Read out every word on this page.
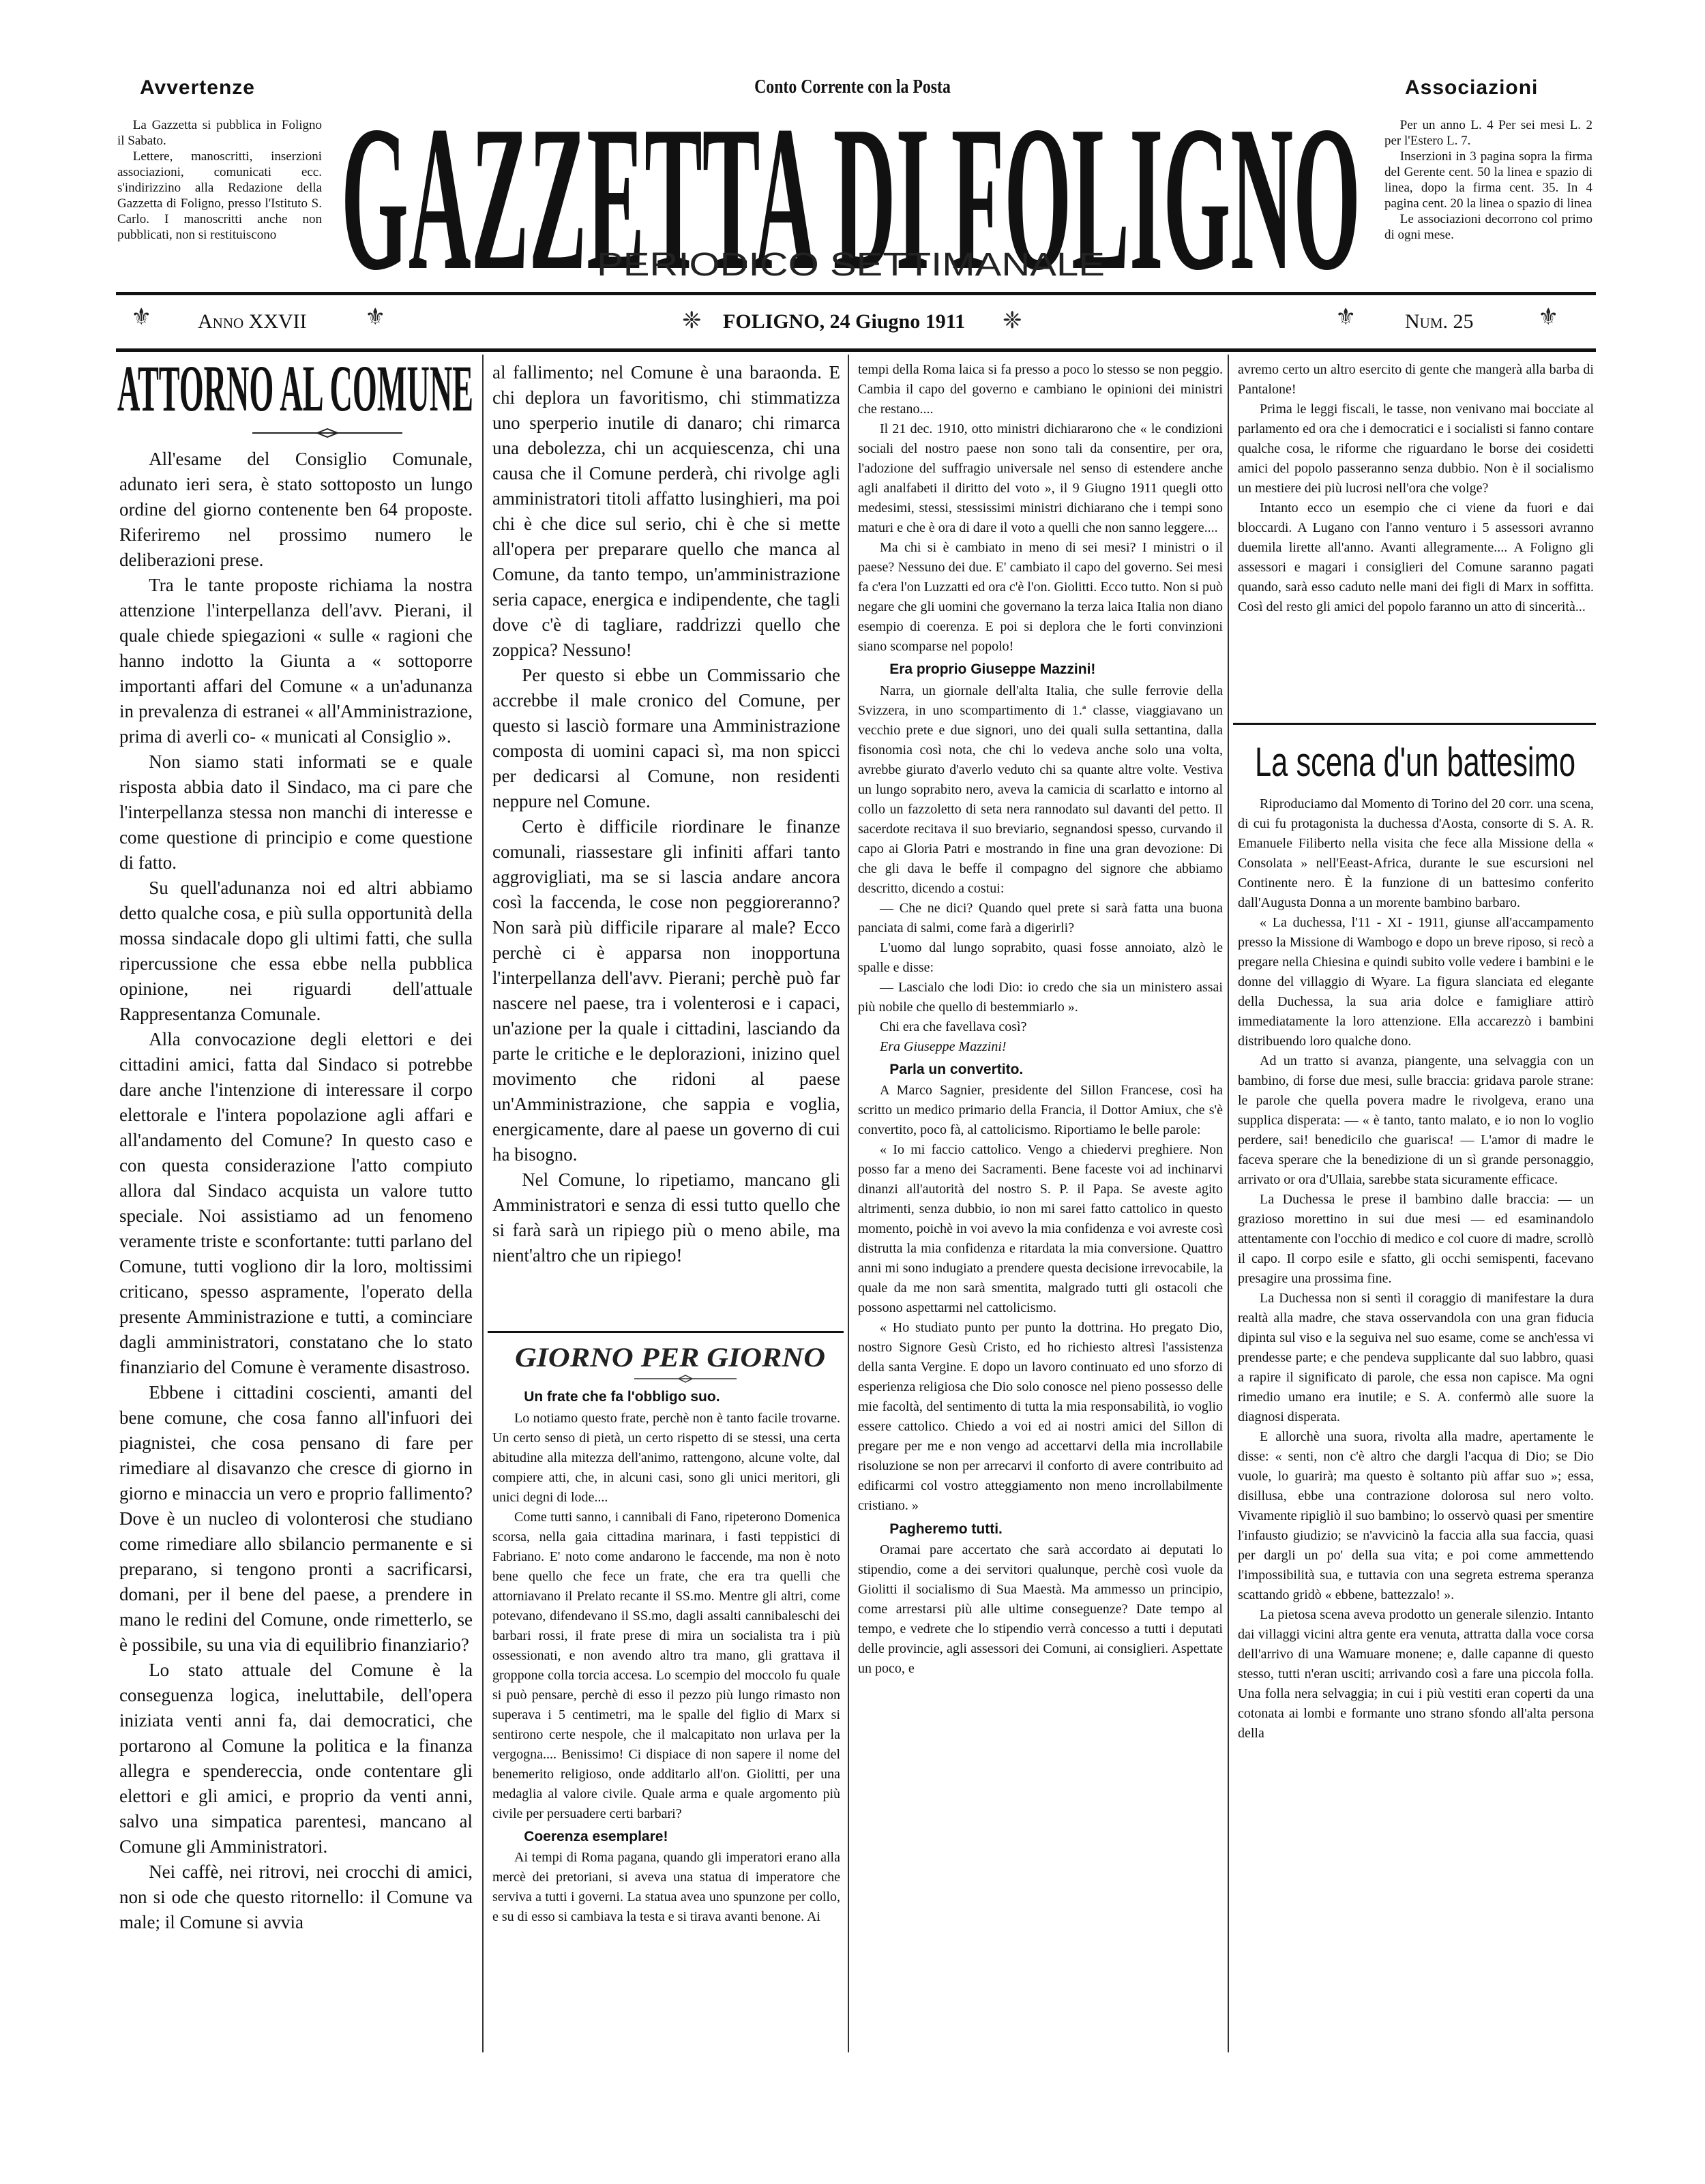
Avvertenze	Conto Corrente con la Posta	Associazioni

La Gazzetta si pubblica in Foligno il Sabato.

Lettere, manoscritti, inserzioni associazioni, comunicati ecc. s'indirizzino alla Redazione della Gazzetta di Foligno, presso l'Istituto S. Carlo. I manoscritti anche non pubblicati, non si restituiscono GAZZETTA DI FOLIGNO
PERIODICO SETTIMANALE

Per un anno L. 4 Per sei mesi L. 2 per l'Estero L. 7.

Inserzioni in 3 pagina sopra la firma del Gerente cent. 50 la linea e spazio di linea, dopo la firma cent. 35. In 4 pagina cent. 20 la linea o spazio di linea

Le associazioni decorrono col primo di ogni mese.

⚜ Anno XXVII	⚜	❈ FOLIGNO, 24 Giugno 1911 ❈	⚜ Num. 25	⚜
ATTORNO AL COMUNE

All'esame del Consiglio Comunale, adunato ieri sera, è stato sottoposto un lungo ordine del giorno contenente ben 64 proposte. Riferiremo nel prossimo numero le deliberazioni prese.

Tra le tante proposte richiama la nostra attenzione l'interpellanza dell'avv. Pierani, il quale chiede spiegazioni « sulle « ragioni che hanno indotto la Giunta a « sottoporre importanti affari del Comune « a un'adunanza in prevalenza di estranei « all'Amministrazione, prima di averli co- « municati al Consiglio ».

Non siamo stati informati se e quale risposta abbia dato il Sindaco, ma ci pare che l'interpellanza stessa non manchi di interesse e come questione di principio e come questione di fatto.

Su quell'adunanza noi ed altri abbiamo detto qualche cosa, e più sulla opportunità della mossa sindacale dopo gli ultimi fatti, che sulla ripercussione che essa ebbe nella pubblica opinione, nei riguardi dell'attuale Rappresentanza Comunale.

Alla convocazione degli elettori e dei cittadini amici, fatta dal Sindaco si potrebbe dare anche l'intenzione di interessare il corpo elettorale e l'intera popolazione agli affari e all'andamento del Comune? In questo caso e con questa considerazione l'atto compiuto allora dal Sindaco acquista un valore tutto speciale. Noi assistiamo ad un fenomeno veramente triste e sconfortante: tutti parlano del Comune, tutti vogliono dir la loro, moltissimi criticano, spesso aspramente, l'operato della presente Amministrazione e tutti, a cominciare dagli amministratori, constatano che lo stato finanziario del Comune è veramente disastroso.

Ebbene i cittadini coscienti, amanti del bene comune, che cosa fanno all'infuori dei piagnistei, che cosa pensano di fare per rimediare al disavanzo che cresce di giorno in giorno e minaccia un vero e proprio fallimento? Dove è un nucleo di volonterosi che studiano come rimediare allo sbilancio permanente e si preparano, si tengono pronti a sacrificarsi, domani, per il bene del paese, a prendere in mano le redini del Comune, onde rimetterlo, se è possibile, su una via di equilibrio finanziario?

Lo stato attuale del Comune è la conseguenza logica, ineluttabile, dell'opera iniziata venti anni fa, dai democratici, che portarono al Comune la politica e la finanza allegra e spendereccia, onde contentare gli elettori e gli amici, e proprio da venti anni, salvo una simpatica parentesi, mancano al Comune gli Amministratori.

Nei caffè, nei ritrovi, nei crocchi di amici, non si ode che questo ritornello: il Comune va male; il Comune si avvia

al fallimento; nel Comune è una baraonda. E chi deplora un favoritismo, chi stimmatizza uno sperperio inutile di danaro; chi rimarca una debolezza, chi un acquiescenza, chi una causa che il Comune perderà, chi rivolge agli amministratori titoli affatto lusinghieri, ma poi chi è che dice sul serio, chi è che si mette all'opera per preparare quello che manca al Comune, da tanto tempo, un'amministrazione seria capace, energica e indipendente, che tagli dove c'è di tagliare, raddrizzi quello che zoppica? Nessuno!

Per questo si ebbe un Commissario che accrebbe il male cronico del Comune, per questo si lasciò formare una Amministrazione composta di uomini capaci sì, ma non spicci per dedicarsi al Comune, non residenti neppure nel Comune.

Certo è difficile riordinare le finanze comunali, riassestare gli infiniti affari tanto aggrovigliati, ma se si lascia andare ancora così la faccenda, le cose non peggioreranno? Non sarà più difficile riparare al male? Ecco perchè ci è apparsa non inopportuna l'interpellanza dell'avv. Pierani; perchè può far nascere nel paese, tra i volenterosi e i capaci, un'azione per la quale i cittadini, lasciando da parte le critiche e le deplorazioni, inizino quel movimento che ridoni al paese un'Amministrazione, che sappia e voglia, energicamente, dare al paese un governo di cui ha bisogno.

Nel Comune, lo ripetiamo, mancano gli Amministratori e senza di essi tutto quello che si farà sarà un ripiego più o meno abile, ma nient'altro che un ripiego!

GIORNO PER GIORNO
Un frate che fa l'obbligo suo.

Lo notiamo questo frate, perchè non è tanto facile trovarne. Un certo senso di pietà, un certo rispetto di se stessi, una certa abitudine alla mitezza dell'animo, rattengono, alcune volte, dal compiere atti, che, in alcuni casi, sono gli unici meritori, gli unici degni di lode....

Come tutti sanno, i cannibali di Fano, ripeterono Domenica scorsa, nella gaia cittadina marinara, i fasti teppistici di Fabriano. E' noto come andarono le faccende, ma non è noto bene quello che fece un frate, che era tra quelli che attorniavano il Prelato recante il SS.mo. Mentre gli altri, come potevano, difendevano il SS.mo, dagli assalti cannibaleschi dei barbari rossi, il frate prese di mira un socialista tra i più ossessionati, e non avendo altro tra mano, gli grattava il groppone colla torcia accesa. Lo scempio del moccolo fu quale si può pensare, perchè di esso il pezzo più lungo rimasto non superava i 5 centimetri, ma le spalle del figlio di Marx si sentirono certe nespole, che il malcapitato non urlava per la vergogna.... Benissimo! Ci dispiace di non sapere il nome del benemerito religioso, onde additarlo all'on. Giolitti, per una medaglia al valore civile. Quale arma e quale argomento più civile per persuadere certi barbari?

Coerenza esemplare!

Ai tempi di Roma pagana, quando gli imperatori erano alla mercè dei pretoriani, si aveva una statua di imperatore che serviva a tutti i governi. La statua avea uno spunzone per collo, e su di esso si cambiava la testa e si tirava avanti benone. Ai

tempi della Roma laica si fa presso a poco lo stesso se non peggio. Cambia il capo del governo e cambiano le opinioni dei ministri che restano....

Il 21 dec. 1910, otto ministri dichiararono che « le condizioni sociali del nostro paese non sono tali da consentire, per ora, l'adozione del suffragio universale nel senso di estendere anche agli analfabeti il diritto del voto », il 9 Giugno 1911 quegli otto medesimi, stessi, stessissimi ministri dichiarano che i tempi sono maturi e che è ora di dare il voto a quelli che non sanno leggere....

Ma chi si è cambiato in meno di sei mesi? I ministri o il paese? Nessuno dei due. E' cambiato il capo del governo. Sei mesi fa c'era l'on Luzzatti ed ora c'è l'on. Giolitti. Ecco tutto. Non si può negare che gli uomini che governano la terza laica Italia non diano esempio di coerenza. E poi si deplora che le forti convinzioni siano scomparse nel popolo!

Era proprio Giuseppe Mazzini!

Narra, un giornale dell'alta Italia, che sulle ferrovie della Svizzera, in uno scompartimento di 1.ª classe, viaggiavano un vecchio prete e due signori, uno dei quali sulla settantina, dalla fisonomia così nota, che chi lo vedeva anche solo una volta, avrebbe giurato d'averlo veduto chi sa quante altre volte. Vestiva un lungo soprabito nero, aveva la camicia di scarlatto e intorno al collo un fazzoletto di seta nera rannodato sul davanti del petto. Il sacerdote recitava il suo breviario, segnandosi spesso, curvando il capo ai Gloria Patri e mostrando in fine una gran devozione: Di che gli dava le beffe il compagno del signore che abbiamo descritto, dicendo a costui:

— Che ne dici? Quando quel prete si sarà fatta una buona panciata di salmi, come farà a digerirli?

L'uomo dal lungo soprabito, quasi fosse annoiato, alzò le spalle e disse:

— Lascialo che lodi Dio: io credo che sia un ministero assai più nobile che quello di bestemmiarlo ».

Chi era che favellava così?

Era Giuseppe Mazzini!

Parla un convertito.

A Marco Sagnier, presidente del Sillon Francese, così ha scritto un medico primario della Francia, il Dottor Amiux, che s'è convertito, poco fà, al cattolicismo. Riportiamo le belle parole:

« Io mi faccio cattolico. Vengo a chiedervi preghiere. Non posso far a meno dei Sacramenti. Bene faceste voi ad inchinarvi dinanzi all'autorità del nostro S. P. il Papa. Se aveste agito altrimenti, senza dubbio, io non mi sarei fatto cattolico in questo momento, poichè in voi avevo la mia confidenza e voi avreste così distrutta la mia confidenza e ritardata la mia conversione. Quattro anni mi sono indugiato a prendere questa decisione irrevocabile, la quale da me non sarà smentita, malgrado tutti gli ostacoli che possono aspettarmi nel cattolicismo.

« Ho studiato punto per punto la dottrina. Ho pregato Dio, nostro Signore Gesù Cristo, ed ho richiesto altresì l'assistenza della santa Vergine. E dopo un lavoro continuato ed uno sforzo di esperienza religiosa che Dio solo conosce nel pieno possesso delle mie facoltà, del sentimento di tutta la mia responsabilità, io voglio essere cattolico. Chiedo a voi ed ai nostri amici del Sillon di pregare per me e non vengo ad accettarvi della mia incrollabile risoluzione se non per arrecarvi il conforto di avere contribuito ad edificarmi col vostro atteggiamento non meno incrollabilmente cristiano. »

Pagheremo tutti.

Oramai pare accertato che sarà accordato ai deputati lo stipendio, come a dei servitori qualunque, perchè così vuole da Giolitti il socialismo di Sua Maestà. Ma ammesso un principio, come arrestarsi più alle ultime conseguenze? Date tempo al tempo, e vedrete che lo stipendio verrà concesso a tutti i deputati delle provincie, agli assessori dei Comuni, ai consiglieri. Aspettate un poco, e

avremo certo un altro esercito di gente che mangerà alla barba di Pantalone!

Prima le leggi fiscali, le tasse, non venivano mai bocciate al parlamento ed ora che i democratici e i socialisti si fanno contare qualche cosa, le riforme che riguardano le borse dei cosidetti amici del popolo passeranno senza dubbio. Non è il socialismo un mestiere dei più lucrosi nell'ora che volge?

Intanto ecco un esempio che ci viene da fuori e dai bloccardi. A Lugano con l'anno venturo i 5 assessori avranno duemila lirette all'anno. Avanti allegramente.... A Foligno gli assessori e magari i consiglieri del Comune saranno pagati quando, sarà esso caduto nelle mani dei figli di Marx in soffitta. Così del resto gli amici del popolo faranno un atto di sincerità...

La scena d'un battesimo

Riproduciamo dal Momento di Torino del 20 corr. una scena, di cui fu protagonista la duchessa d'Aosta, consorte di S. A. R. Emanuele Filiberto nella visita che fece alla Missione della « Consolata » nell'Eeast-Africa, durante le sue escursioni nel Continente nero. È la funzione di un battesimo conferito dall'Augusta Donna a un morente bambino barbaro.

« La duchessa, l'11 - XI - 1911, giunse all'accampamento presso la Missione di Wambogo e dopo un breve riposo, si recò a pregare nella Chiesina e quindi subito volle vedere i bambini e le donne del villaggio di Wyare. La figura slanciata ed elegante della Duchessa, la sua aria dolce e famigliare attirò immediatamente la loro attenzione. Ella accarezzò i bambini distribuendo loro qualche dono.

Ad un tratto si avanza, piangente, una selvaggia con un bambino, di forse due mesi, sulle braccia: gridava parole strane: le parole che quella povera madre le rivolgeva, erano una supplica disperata: — « è tanto, tanto malato, e io non lo voglio perdere, sai! benedicilo che guarisca! — L'amor di madre le faceva sperare che la benedizione di un sì grande personaggio, arrivato or ora d'Ullaia, sarebbe stata sicuramente efficace.

La Duchessa le prese il bambino dalle braccia: — un grazioso morettino in sui due mesi — ed esaminandolo attentamente con l'occhio di medico e col cuore di madre, scrollò il capo. Il corpo esile e sfatto, gli occhi semispenti, facevano presagire una prossima fine.

La Duchessa non si sentì il coraggio di manifestare la dura realtà alla madre, che stava osservandola con una gran fiducia dipinta sul viso e la seguiva nel suo esame, come se anch'essa vi prendesse parte; e che pendeva supplicante dal suo labbro, quasi a rapire il significato di parole, che essa non capisce. Ma ogni rimedio umano era inutile; e S. A. confermò alle suore la diagnosi disperata.

E allorchè una suora, rivolta alla madre, apertamente le disse: « senti, non c'è altro che dargli l'acqua di Dio; se Dio vuole, lo guarirà; ma questo è soltanto più affar suo »; essa, disillusa, ebbe una contrazione dolorosa sul nero volto. Vivamente ripigliò il suo bambino; lo osservò quasi per smentire l'infausto giudizio; se n'avvicinò la faccia alla sua faccia, quasi per dargli un po' della sua vita; e poi come ammettendo l'impossibilità sua, e tuttavia con una segreta estrema speranza scattando gridò « ebbene, battezzalo! ».

La pietosa scena aveva prodotto un generale silenzio. Intanto dai villaggi vicini altra gente era venuta, attratta dalla voce corsa dell'arrivo di una Wamuare monene; e, dalle capanne di questo stesso, tutti n'eran usciti; arrivando così a fare una piccola folla. Una folla nera selvaggia; in cui i più vestiti eran coperti da una cotonata ai lombi e formante uno strano sfondo all'alta persona della
